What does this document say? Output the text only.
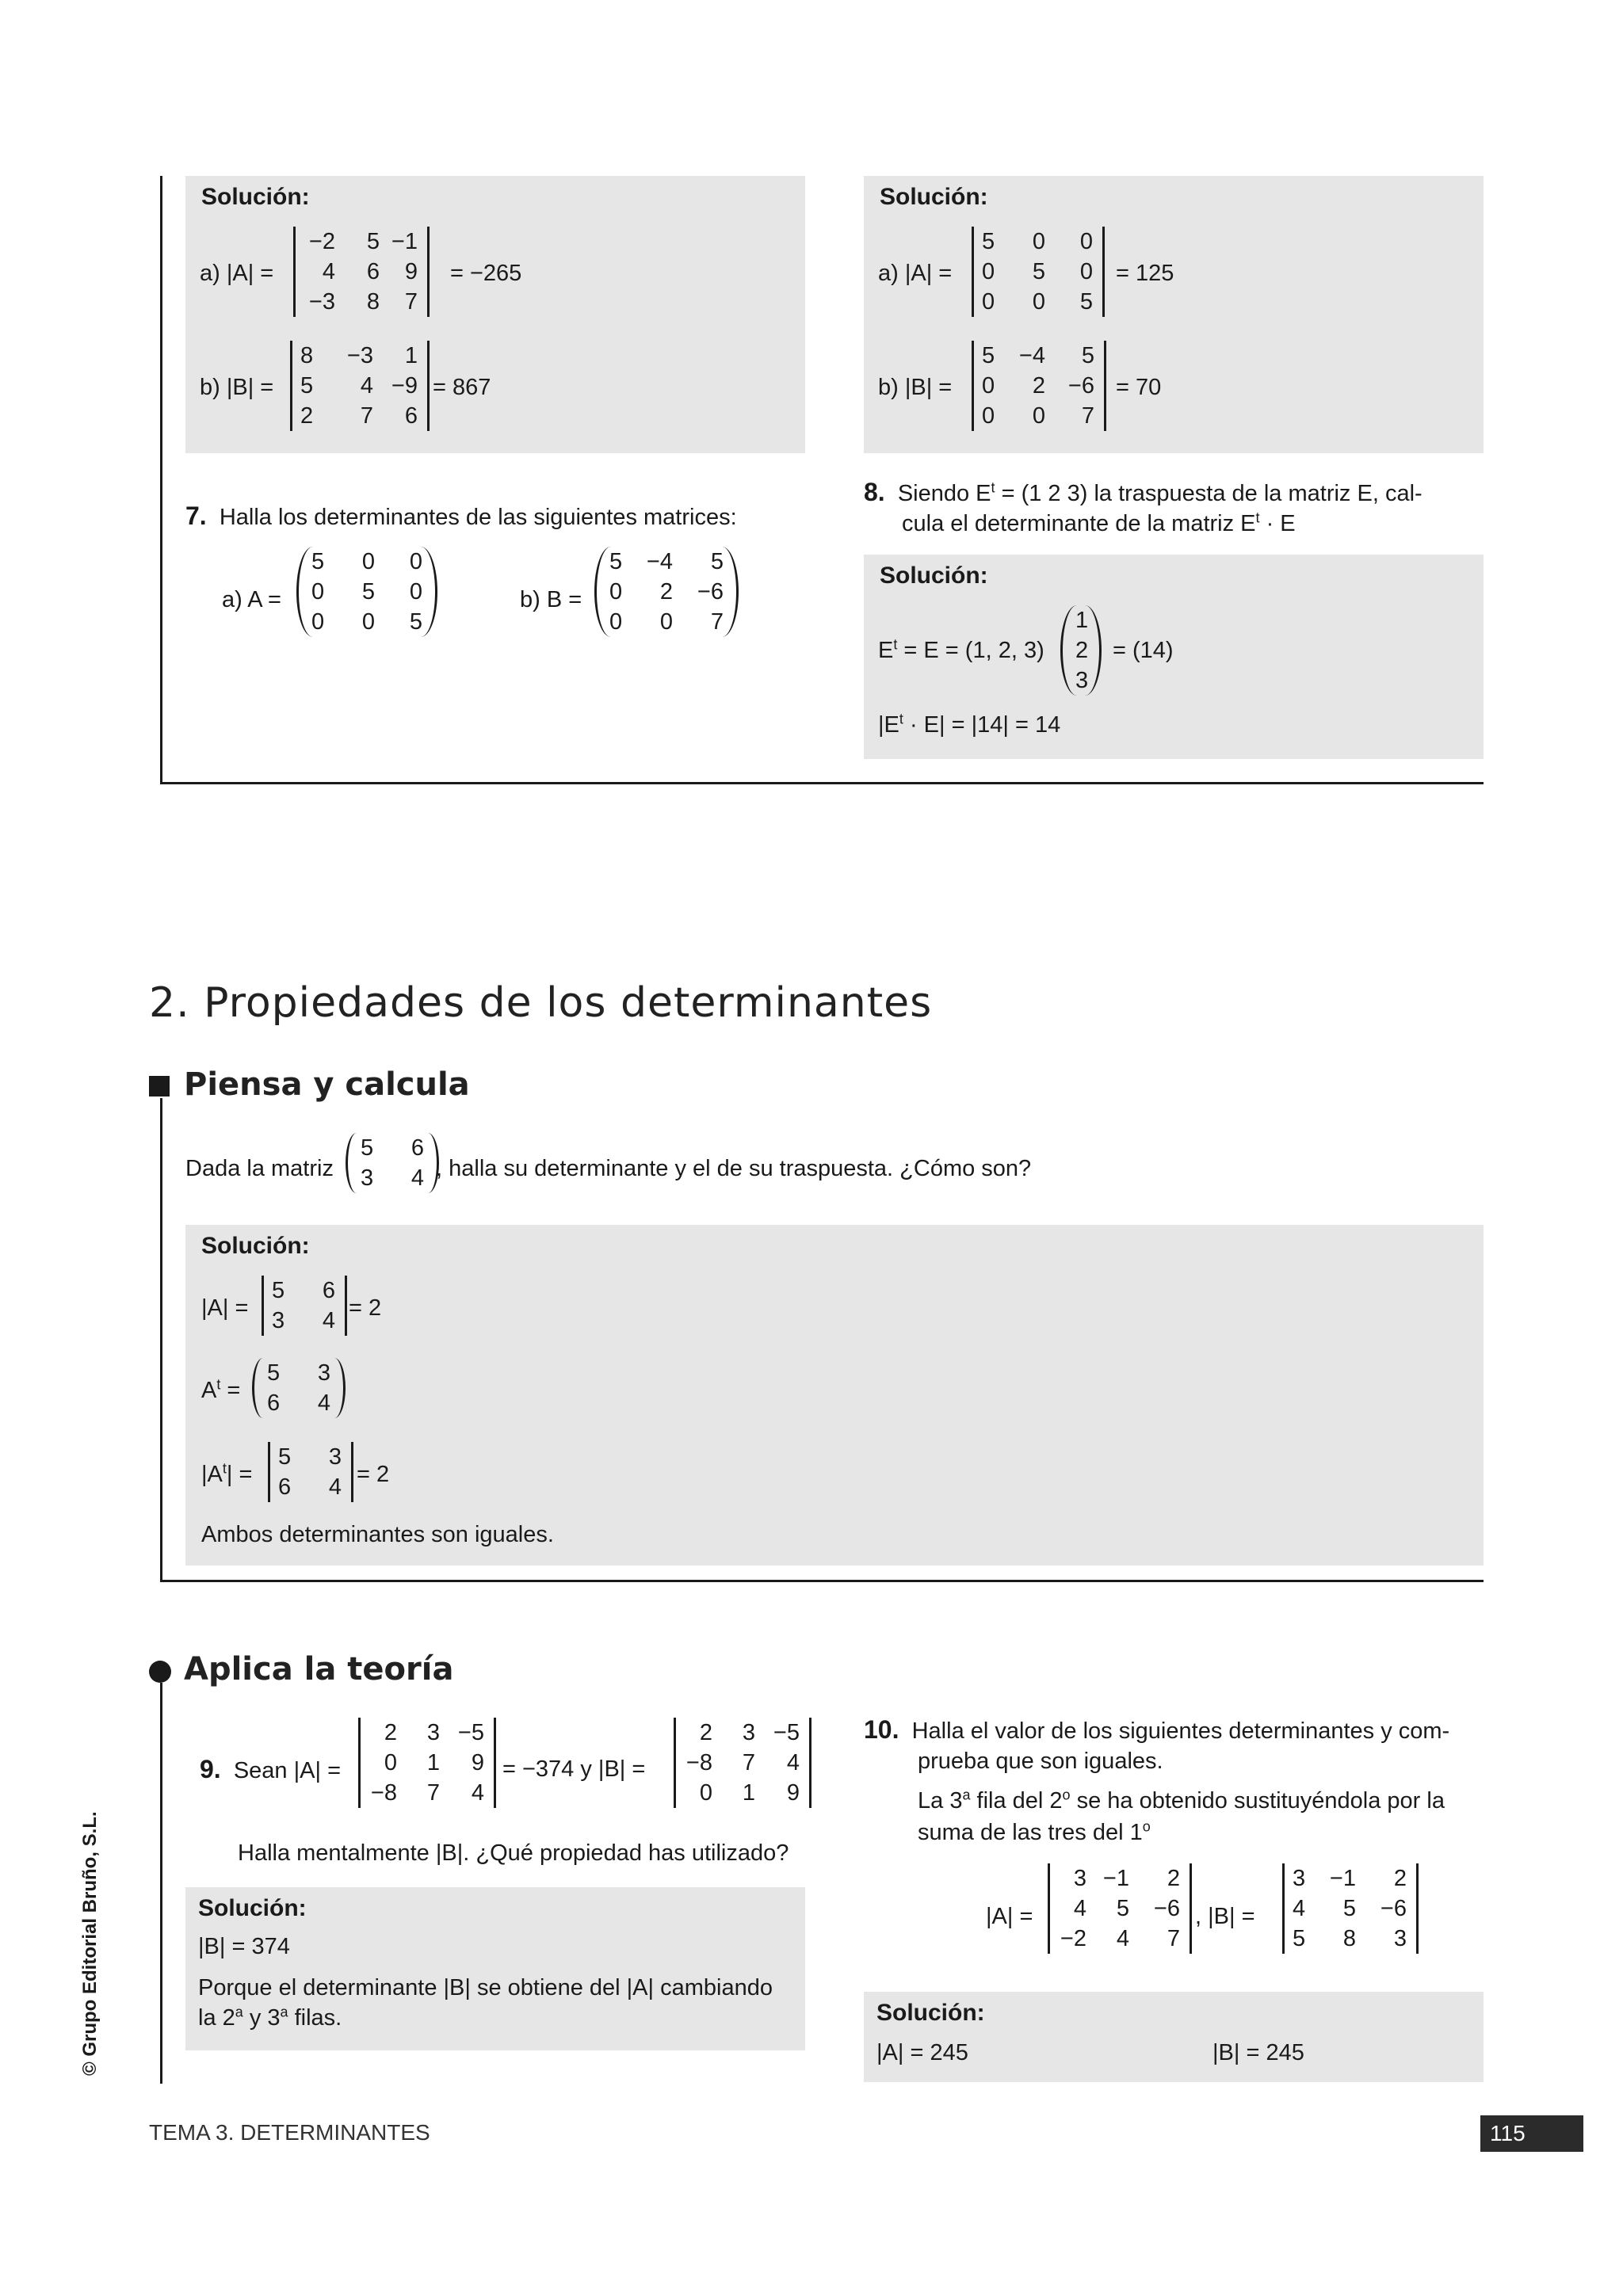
Solución:
a) |A| =
−2	5 −1
4	6	9
−3	8	7
= −265
b) |B| =
8	−3	1
5	4 −9
2	7	6
= 867
Solución:
a) |A| =
5	0	0
0	5	0
0	0	5
= 125
b) |B| =
5	−4	5
0	2 −6
0	0	7
= 70
7. Halla los determinantes de las siguientes matrices:
a) A =
5	0	0
0	5	0
0	0	5
b) B =
5	−4	5
0	2	−6
0	0	7
8. Siendo $E^t = (1$ 2 3) la traspuesta de la matriz E, cal-
cula el determinante de la matriz $E^t \cdot E$
Solución:
$E^t = E = (1$, 2, 3)
1
2
3
= (14)
$|E^t \cdot E| = |14| = 14$
2. Propiedades de los determinantes
Piensa y calcula
Dada la matriz
5	6
3	4 , halla su determinante y el de su traspuesta. ¿Cómo son?
Solución:
|A| =
5	6
3	4 = 2
$A^t$ =
5	3
6	4
$|A^t|$ =
5	3
6	4 = 2
Ambos determinantes son iguales.
Aplica la teoría
9. Sean |A| =
2	3 −5
0	1	9
−8	7	4
= −374 y |B| =
2	3 −5
−8	7	4
0	1	9
Halla mentalmente |B|. ¿Qué propiedad has utilizado?
Solución:
|B| = 374
Porque el determinante |B| se obtiene del |A| cambiando
la 2$^a$ y 3$^a$ filas.
10. Halla el valor de los siguientes determinantes y com-
prueba que son iguales.
La 3$^a$ fila del 2$^o$ se ha obtenido sustituyéndola por la
suma de las tres del 1$^o$
|A| =
3 −1	2
4	5	−6
−2	4	7
, |B| =
3	−1	2
4	5	−6
5	8	3
Solución:
|A| = 245	|B| = 245
© Grupo Editorial Bruño, S.L.
TEMA 3. DETERMINANTES	115
